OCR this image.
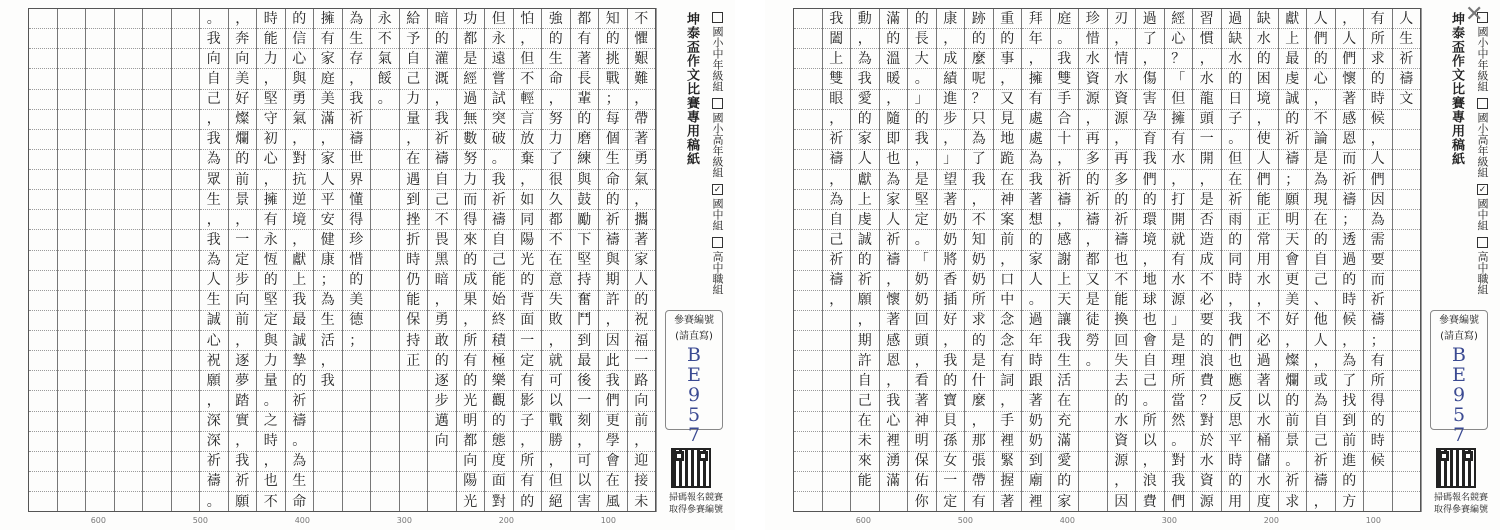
不
懼
艱
難
，
帶
著
勇
氣
，
攜
著
家
人
的
祝
福
一
路
向
前
，
迎
接
未
知
的
挑
戰
；
每
個
生
命
的
祈
禱
與
期
許
，
因
此
我
們
更
學
會
在
風
都
有
著
長
輩
的
磨
練
與
鼓
勵
下
堅
持
奮
鬥
到
最
後
一
刻
，
可
以
害
強
的
生
命
，
努
力
了
很
久
都
不
在
意
失
敗
，
就
可
以
戰
勝
，
但
絕
怕
，
但
不
輕
言
放
棄
，
如
同
陽
光
的
背
面
一
定
有
影
子
，
所
有
的
但
永
遠
嘗
試
突
破
。
我
祈
禱
自
己
能
始
終
積
極
樂
觀
的
態
度
面
對
功
都
是
經
過
無
數
努
力
而
得
來
的
成
果
，
所
有
的
光
明
都
向
陽
光
暗
的
灌
溉
，
我
祈
禱
自
己
不
畏
黑
暗
，
勇
敢
的
逐
步
邁
向
給
予
自
己
力
量
，
在
遇
到
挫
折
時
仍
能
保
持
正
永
不
氣
餒
。
為
生
存
，
我
祈
禱
世
界
懂
得
珍
惜
的
美
德
；
擁
有
家
庭
美
滿
，
家
人
平
安
健
康
；
為
生
活
，
我
的
信
心
與
勇
氣
，
對
抗
逆
境
，
獻
上
我
最
誠
摯
的
祈
禱
。
為
生
命
時
能
力
，
堅
守
初
心
，
擁
有
永
恆
的
堅
定
與
力
量
。
之
時
，
也
不
，
奔
向
美
好
燦
爛
的
前
景
，
一
定
步
向
前
，
逐
夢
踏
實
，
我
祈
願
。
我
向
自
己
，
我
為
眾
生
，
我
為
人
生
誠
心
祝
願
，
深
深
祈
禱
。
坤泰盃作文比賽專用稿紙 國小中年級組
國小高年級組
✓
國中組
高中職組
參賽編號
(請直寫)
B
E
9
5
7
掃碼報名競賽
取得參賽編號
100
200
300
400
500
600
人
生
祈
禱
文
有
所
求
的
時
候
，
人
們
因
為
需
要
而
祈
禱
；
有
所
得
的
時
候
，
人
們
懷
著
感
恩
而
祈
禱
；
透
過
的
時
候
，
為
了
找
到
前
進
的
方
人
們
的
心
，
不
論
是
為
現
在
的
自
己
、
他
人
，
或
為
自
己
祈
禱
，
獻
上
最
虔
誠
的
祈
禱
；
願
明
天
會
更
美
好
，
燦
爛
的
前
景
。
祈
求
缺
水
的
困
境
，
使
人
們
能
正
常
用
水
，
不
必
過
著
以
水
桶
儲
水
度
過
缺
水
的
日
子
。
但
在
祈
雨
的
同
時
，
我
們
也
應
反
思
平
時
的
用
習
慣
，
水
龍
頭
一
開
，
是
否
造
成
不
必
要
的
浪
費
？
對
於
水
資
源
經
心
？
「
但
擁
有
水
，
打
開
就
有
水
源
」
是
理
所
當
然
。
對
我
們
過
了
，
傷
害
孕
育
我
們
的
環
境
，
地
球
也
會
自
己
。
所
以
，
浪
費
刃
，
情
水
資
源
，
再
多
的
祈
禱
也
不
能
換
回
失
去
的
水
資
源
，
因
珍
惜
水
資
源
，
再
多
的
祈
禱
，
都
又
是
徒
勞
。
庭
。
我
雙
手
合
十
，
祈
禱
，
感
謝
上
天
讓
我
生
活
在
充
滿
愛
的
家
拜
年
，
擁
有
處
處
為
我
著
想
的
家
人
。
過
年
時
跟
著
奶
奶
到
廟
裡
重
的
事
，
又
見
地
跪
在
神
案
前
，
口
中
念
念
有
詞
，
手
裡
緊
握
著
跡
的
麼
呢
？
只
為
了
我
，
不
知
奶
奶
所
求
的
是
什
麼
，
那
張
帶
有
康
，
成
績
進
步
，
」
望
著
奶
奶
將
香
插
好
，
我
的
寶
貝
孫
女
一
定
的
長
大
。
」
的
我
，
是
堅
定
。
「
奶
奶
回
頭
，
看
著
神
明
保
佑
你
滿
的
溫
暖
，
隨
即
也
為
家
人
祈
禱
，
懷
著
感
恩
，
我
心
裡
湧
滿
動
，
為
我
愛
的
家
人
獻
上
虔
誠
的
祈
願
，
期
許
自
己
在
未
來
能
我
闔
上
雙
眼
，
祈
禱
，
為
自
己
祈
禱
，
坤泰盃作文比賽專用稿紙 國小中年級組
國小高年級組
✓
國中組
高中職組
參賽編號
(請直寫)
B
E
9
5
7
掃碼報名競賽
取得參賽編號
100
200
300
400
500
600
✕
